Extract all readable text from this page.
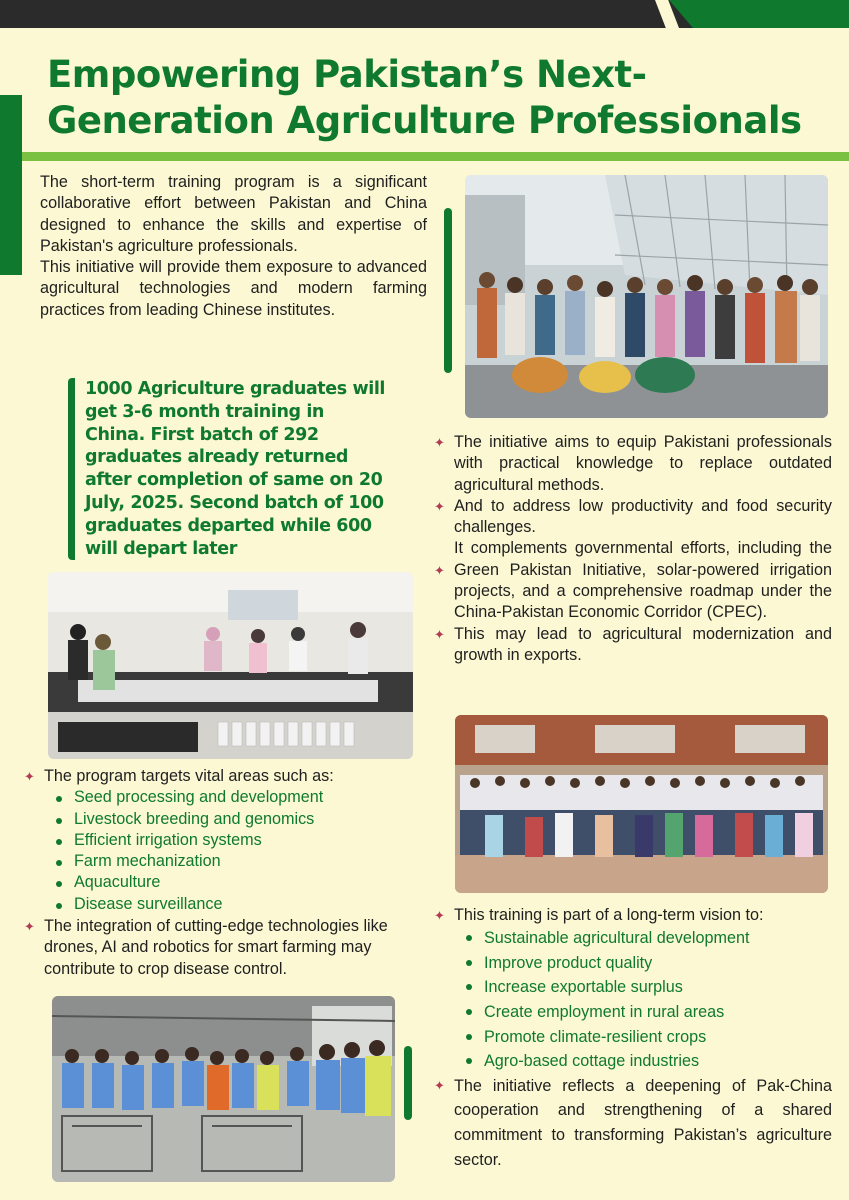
Empowering Pakistan’s Next-Generation Agriculture Professionals

The short-term training program is a significant collaborative effort between Pakistan and China designed to enhance the skills and expertise of Pakistan's agriculture professionals.

This initiative will provide them exposure to advanced agricultural technologies and modern farming practices from leading Chinese institutes.

1000 Agriculture graduates will get 3-6 month training in China. First batch of 292 graduates already returned after completion of same on 20 July, 2025. Second batch of 100 graduates departed while 600 will depart later
✦ The initiative aims to equip Pakistani professionals with practical knowledge to replace outdated agricultural methods.
✦ And to address low productivity and food security challenges.
✦
It complements governmental efforts, including the Green Pakistan Initiative, solar-powered irrigation projects, and a comprehensive roadmap under the China-Pakistan Economic Corridor (CPEC).
✦ This may lead to agricultural modernization and growth in exports.
✦ The program targets vital areas such as:
Seed processing and development
Livestock breeding and genomics
Efficient irrigation systems
Farm mechanization
Aquaculture
Disease surveillance
✦ The integration of cutting-edge technologies like drones, AI and robotics for smart farming may contribute to crop disease control.
✦ This training is part of a long-term vision to:
Sustainable agricultural development
Improve product quality
Increase exportable surplus
Create employment in rural areas
Promote climate-resilient crops
Agro-based cottage industries
✦ The initiative reflects a deepening of Pak-China cooperation and strengthening of a shared commitment to transforming Pakistan’s agriculture sector.
